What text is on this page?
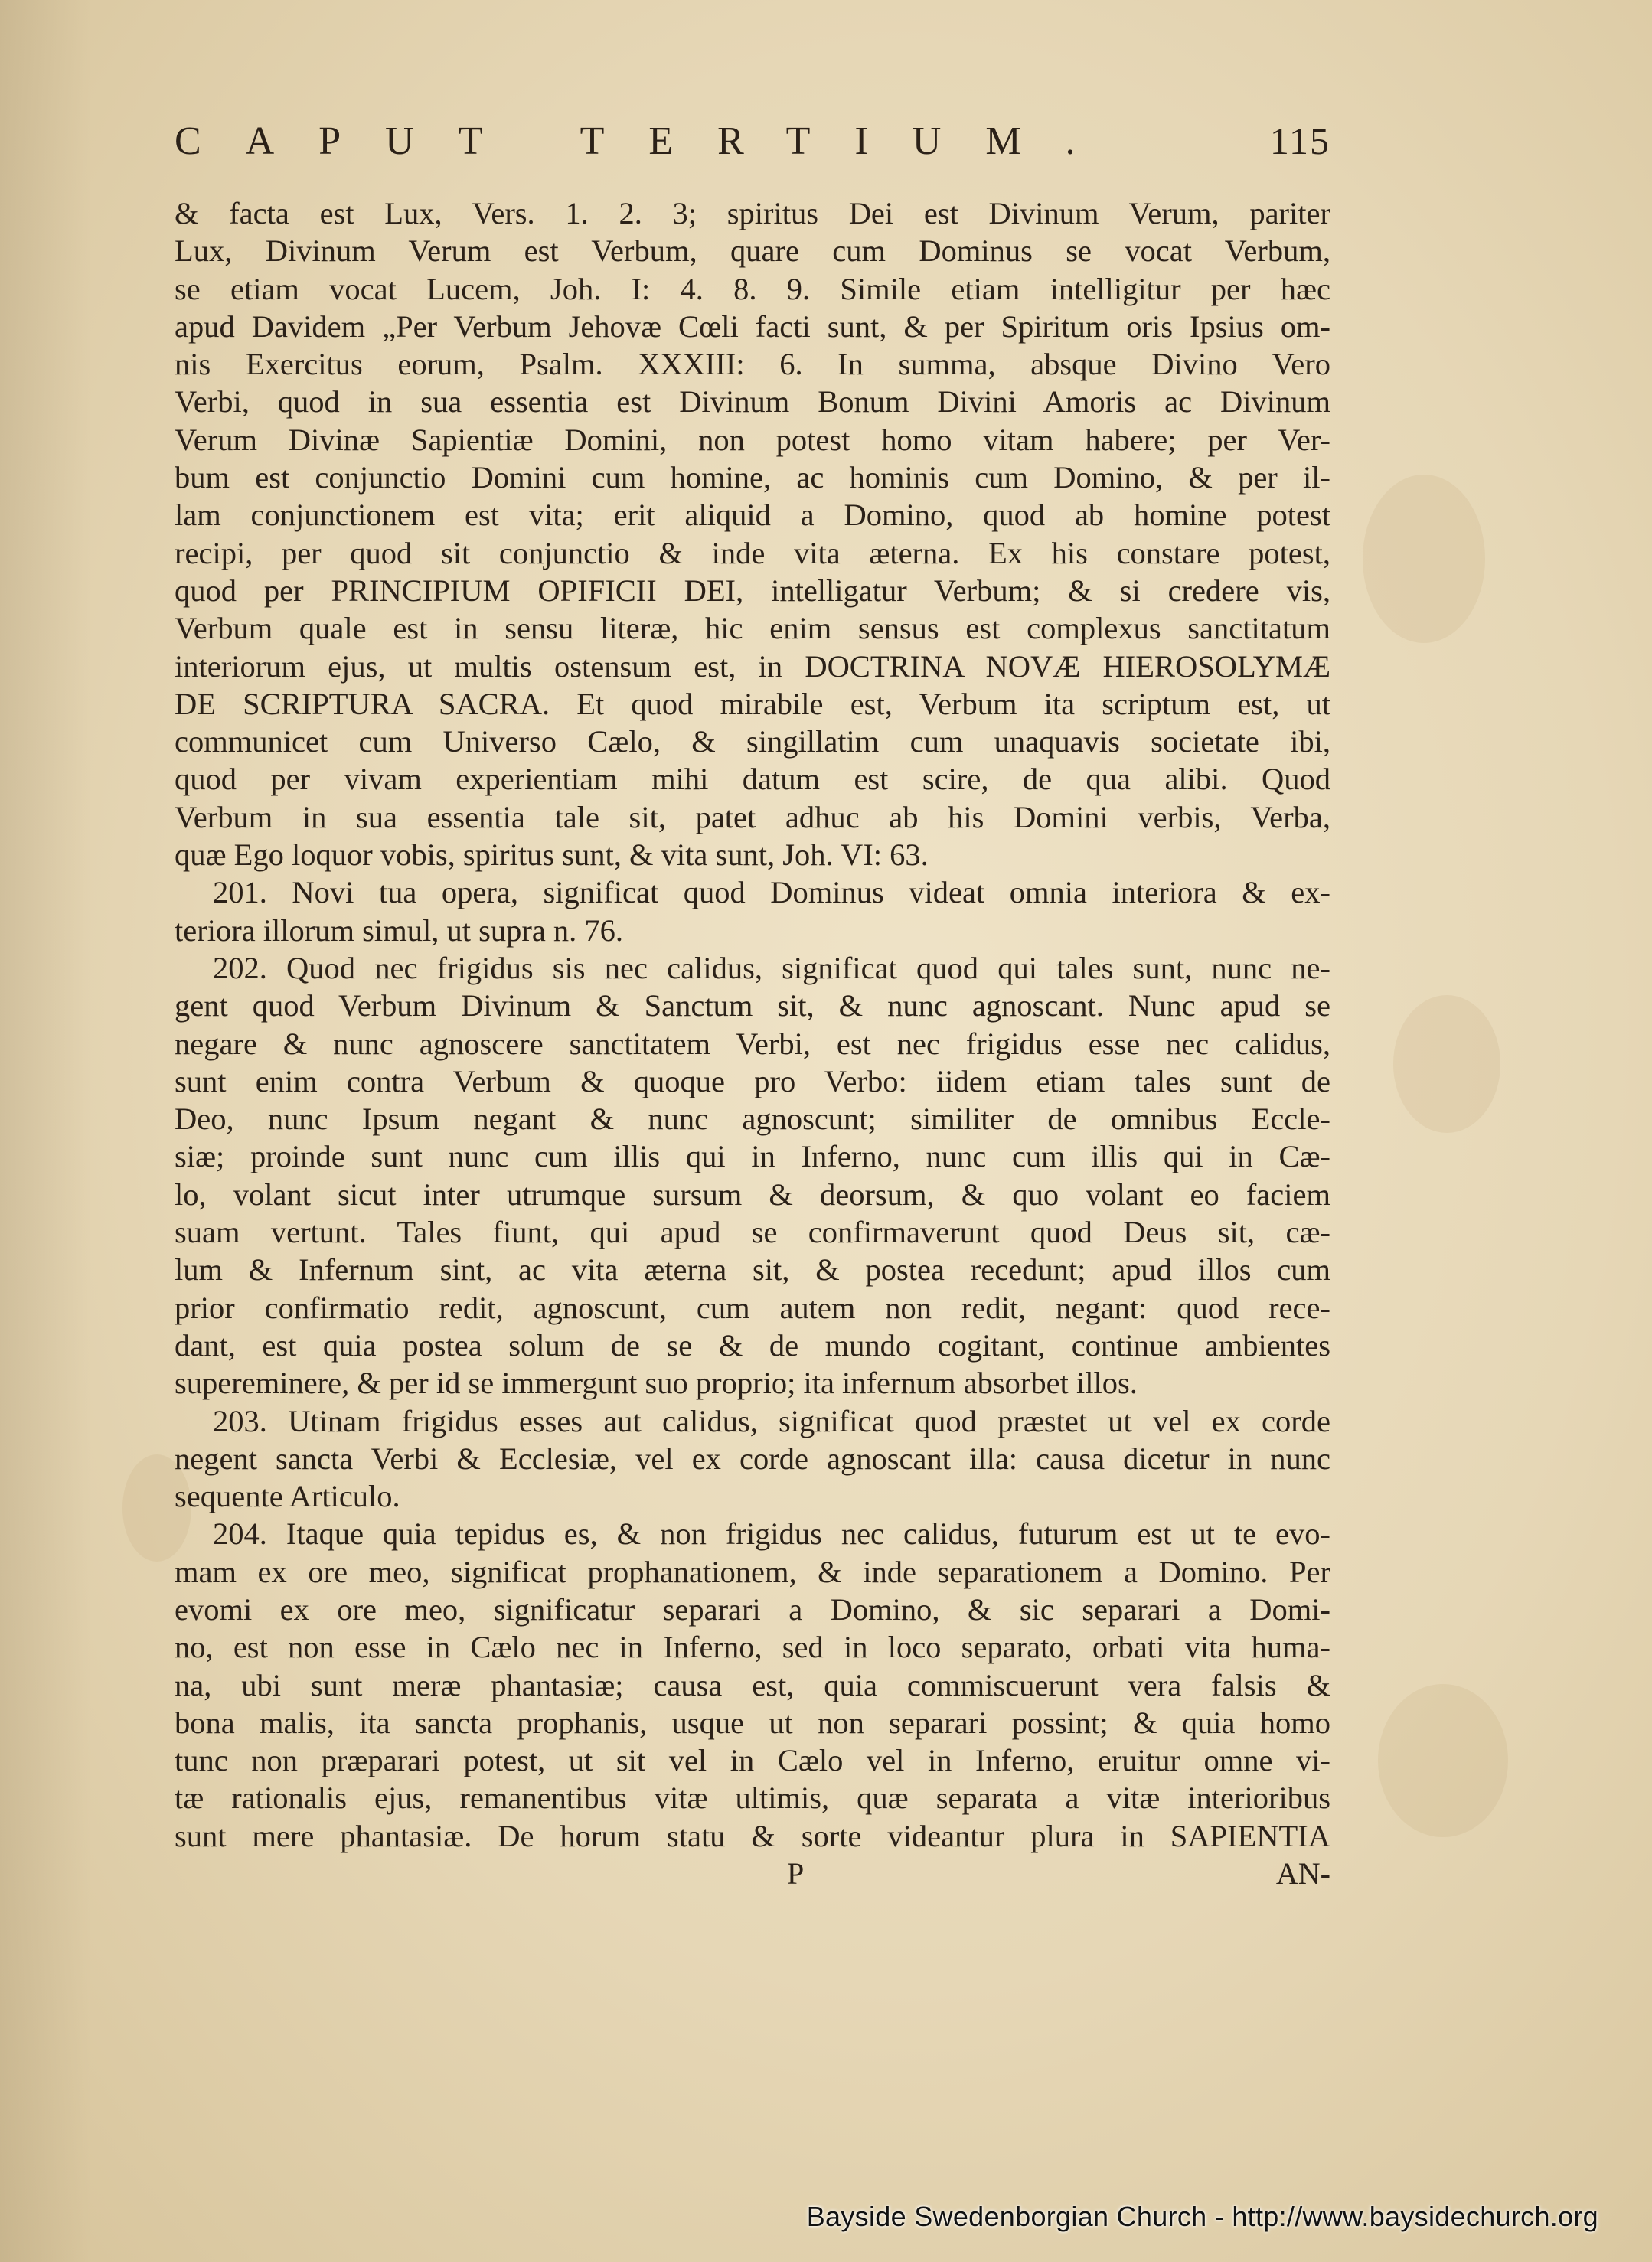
CAPUT TERTIUM.	115
& facta est Lux, Vers. 1. 2. 3; spiritus Dei est Divinum Verum, pariter
Lux, Divinum Verum est Verbum, quare cum Dominus se vocat Verbum,
se etiam vocat Lucem, Joh. I: 4. 8. 9. Simile etiam intelligitur per hæc
apud Davidem „Per Verbum Jehovæ Cœli facti sunt, & per Spiritum oris Ipsius om-
nis Exercitus eorum, Psalm. XXXIII: 6. In summa, absque Divino Vero
Verbi, quod in sua essentia est Divinum Bonum Divini Amoris ac Divinum
Verum Divinæ Sapientiæ Domini, non potest homo vitam habere; per Ver-
bum est conjunctio Domini cum homine, ac hominis cum Domino, & per il-
lam conjunctionem est vita; erit aliquid a Domino, quod ab homine potest
recipi, per quod sit conjunctio & inde vita æterna. Ex his constare potest,
quod per PRINCIPIUM OPIFICII DEI, intelligatur Verbum; & si credere vis,
Verbum quale est in sensu literæ, hic enim sensus est complexus sanctitatum
interiorum ejus, ut multis ostensum est, in DOCTRINA NOVÆ HIEROSOLYMÆ
DE SCRIPTURA SACRA. Et quod mirabile est, Verbum ita scriptum est, ut
communicet cum Universo Cælo, & singillatim cum unaquavis societate ibi,
quod per vivam experientiam mihi datum est scire, de qua alibi. Quod
Verbum in sua essentia tale sit, patet adhuc ab his Domini verbis, Verba,
quæ Ego loquor vobis, spiritus sunt, & vita sunt, Joh. VI: 63.
201. Novi tua opera, significat quod Dominus videat omnia interiora & ex-
teriora illorum simul, ut supra n. 76.
202. Quod nec frigidus sis nec calidus, significat quod qui tales sunt, nunc ne-
gent quod Verbum Divinum & Sanctum sit, & nunc agnoscant. Nunc apud se
negare & nunc agnoscere sanctitatem Verbi, est nec frigidus esse nec calidus,
sunt enim contra Verbum & quoque pro Verbo: iidem etiam tales sunt de
Deo, nunc Ipsum negant & nunc agnoscunt; similiter de omnibus Eccle-
siæ; proinde sunt nunc cum illis qui in Inferno, nunc cum illis qui in Cæ-
lo, volant sicut inter utrumque sursum & deorsum, & quo volant eo faciem
suam vertunt. Tales fiunt, qui apud se confirmaverunt quod Deus sit, cæ-
lum & Infernum sint, ac vita æterna sit, & postea recedunt; apud illos cum
prior confirmatio redit, agnoscunt, cum autem non redit, negant: quod rece-
dant, est quia postea solum de se & de mundo cogitant, continue ambientes
supereminere, & per id se immergunt suo proprio; ita infernum absorbet illos.
203. Utinam frigidus esses aut calidus, significat quod præstet ut vel ex corde
negent sancta Verbi & Ecclesiæ, vel ex corde agnoscant illa: causa dicetur in nunc
sequente Articulo.
204. Itaque quia tepidus es, & non frigidus nec calidus, futurum est ut te evo-
mam ex ore meo, significat prophanationem, & inde separationem a Domino. Per
evomi ex ore meo, significatur separari a Domino, & sic separari a Domi-
no, est non esse in Cælo nec in Inferno, sed in loco separato, orbati vita huma-
na, ubi sunt meræ phantasiæ; causa est, quia commiscuerunt vera falsis &
bona malis, ita sancta prophanis, usque ut non separari possint; & quia homo
tunc non præparari potest, ut sit vel in Cælo vel in Inferno, eruitur omne vi-
tæ rationalis ejus, remanentibus vitæ ultimis, quæ separata a vitæ interioribus
sunt mere phantasiæ. De horum statu & sorte videantur plura in SAPIENTIA
P	AN-
Bayside Swedenborgian Church - http://www.baysidechurch.org
